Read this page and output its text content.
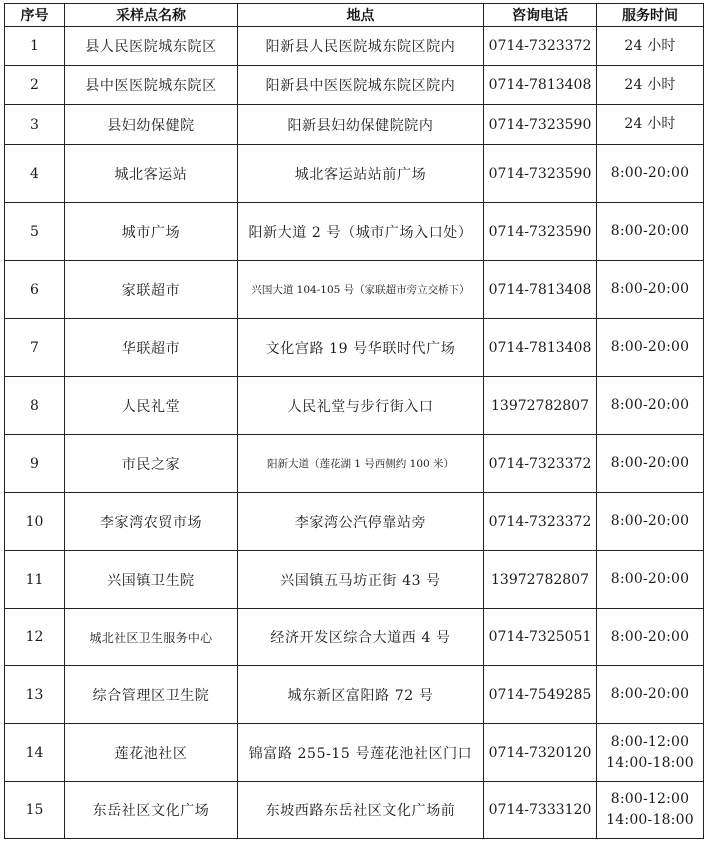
序号	采样点名称	地点	咨询电话	服务时间
1	县人民医院城东院区	阳新县人民医院城东院区院内	0714-7323372	24 小时

2	县中医医院城东院区	阳新县中医医院城东院区院内	0714-7813408	24 小时

3	县妇幼保健院	阳新县妇幼保健院院内	0714-7323590	24 小时

4	城北客运站	城北客运站站前广场	0714-7323590	8:00-20:00

5	城市广场	阳新大道 2 号（城市广场入口处）	0714-7323590	8:00-20:00

6	家联超市	兴国大道 104-105 号（家联超市旁立交桥下）	0714-7813408	8:00-20:00

7	华联超市	文化宫路 19 号华联时代广场	0714-7813408	8:00-20:00

8	人民礼堂	人民礼堂与步行街入口	13972782807	8:00-20:00

9	市民之家	阳新大道（莲花湖 1 号西侧约 100 米）	0714-7323372	8:00-20:00

10	李家湾农贸市场	李家湾公汽停靠站旁	0714-7323372	8:00-20:00

11	兴国镇卫生院	兴国镇五马坊正街 43 号	13972782807	8:00-20:00

12	城北社区卫生服务中心	经济开发区综合大道西 4 号	0714-7325051	8:00-20:00

13	综合管理区卫生院	城东新区富阳路 72 号	0714-7549285	8:00-20:00

14	莲花池社区	锦富路 255-15 号莲花池社区门口	0714-7320120	8:00-12:00
14:00-18:00

15	东岳社区文化广场	东坡西路东岳社区文化广场前	0714-7333120	8:00-12:00
14:00-18:00
